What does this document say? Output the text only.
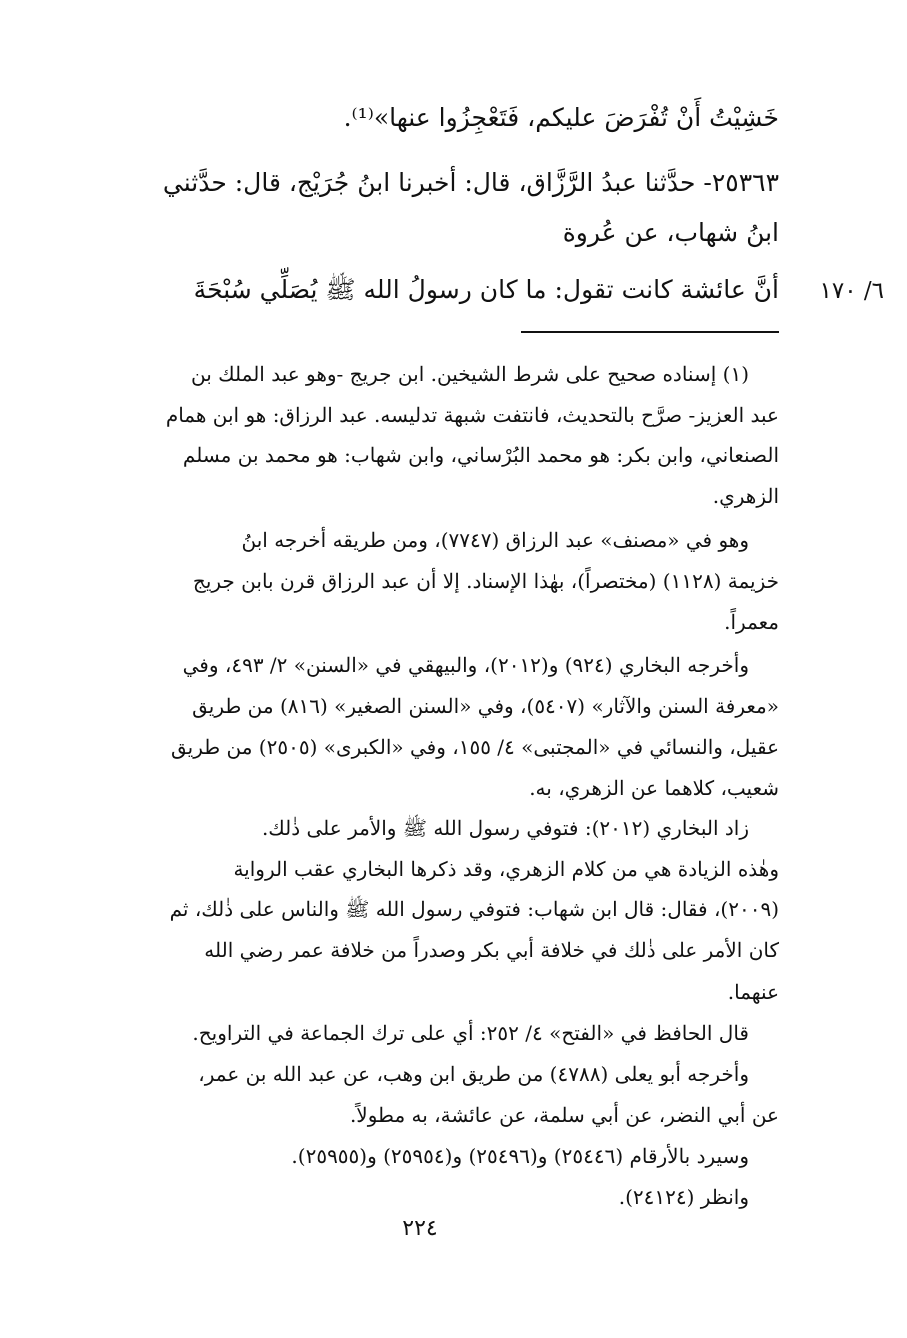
خَشِيْتُ أَنْ تُفْرَضَ عليكم، فَتَعْجِزُوا عنها»⁽¹⁾.
٢٥٣٦٣- حدَّثنا عبدُ الرَّزَّاق، قال: أخبرنا ابنُ جُرَيْج، قال: حدَّثني
ابنُ شهاب، عن عُروة
أنَّ عائشة كانت تقول: ما كان رسولُ الله ﷺ يُصَلِّي سُبْحَةَ	٦/ ١٧٠
(١) إسناده صحيح على شرط الشيخين. ابن جريج -وهو عبد الملك بن
عبد العزيز- صرَّح بالتحديث، فانتفت شبهة تدليسه. عبد الرزاق: هو ابن همام
الصنعاني، وابن بكر: هو محمد البُرْساني، وابن شهاب: هو محمد بن مسلم
الزهري.
وهو في «مصنف» عبد الرزاق (٧٧٤٧)، ومن طريقه أخرجه ابنُ
خزيمة (١١٢٨) (مختصراً)، بهٰذا الإسناد. إلا أن عبد الرزاق قرن بابن جريج
معمراً.
وأخرجه البخاري (٩٢٤) و(٢٠١٢)، والبيهقي في «السنن» ٢/ ٤٩٣، وفي
«معرفة السنن والآثار» (٥٤٠٧)، وفي «السنن الصغير» (٨١٦) من طريق
عقيل، والنسائي في «المجتبى» ٤/ ١٥٥، وفي «الكبرى» (٢٥٠٥) من طريق
شعيب، كلاهما عن الزهري، به.
زاد البخاري (٢٠١٢): فتوفي رسول الله ﷺ والأمر على ذٰلك.
وهٰذه الزيادة هي من كلام الزهري، وقد ذكرها البخاري عقب الرواية
(٢٠٠٩)، فقال: قال ابن شهاب: فتوفي رسول الله ﷺ والناس على ذٰلك، ثم
كان الأمر على ذٰلك في خلافة أبي بكر وصدراً من خلافة عمر رضي الله
عنهما.
قال الحافظ في «الفتح» ٤/ ٢٥٢: أي على ترك الجماعة في التراويح.
وأخرجه أبو يعلى (٤٧٨٨) من طريق ابن وهب، عن عبد الله بن عمر،
عن أبي النضر، عن أبي سلمة، عن عائشة، به مطولاً.
وسيرد بالأرقام (٢٥٤٤٦) و(٢٥٤٩٦) و(٢٥٩٥٤) و(٢٥٩٥٥).
وانظر (٢٤١٢٤).
٢٢٤
